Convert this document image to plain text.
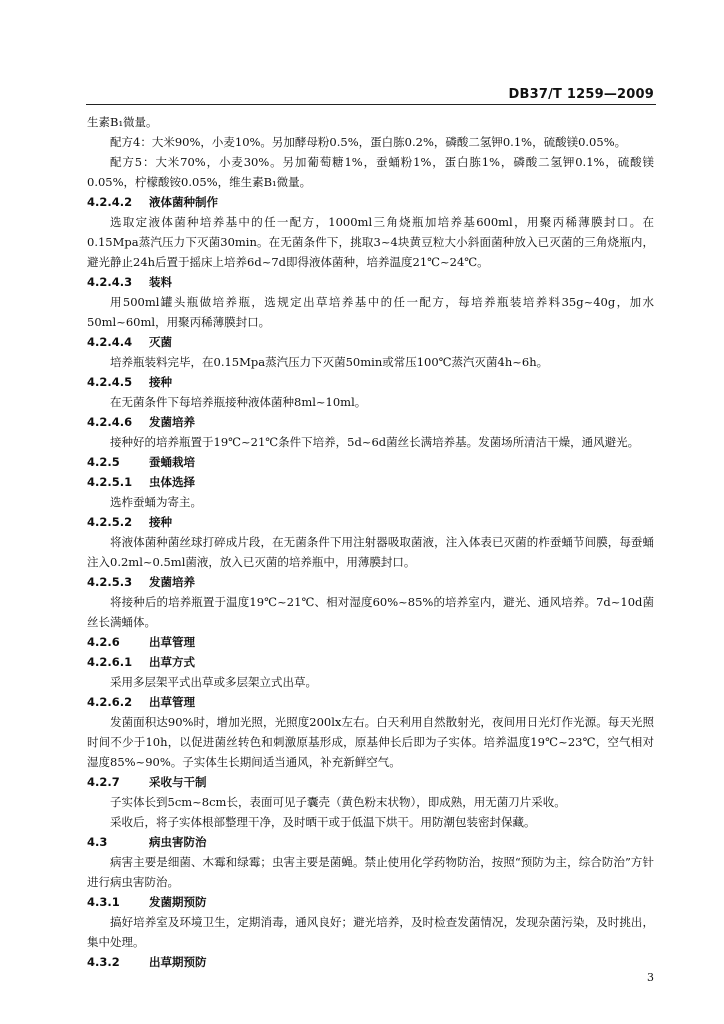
DB37/T 1259—2009

生素B₁微量。

配方4：大米90%，小麦10%。另加酵母粉0.5%，蛋白胨0.2%，磷酸二氢钾0.1%，硫酸镁0.05%。

配方5：大米70%，小麦30%。另加葡萄糖1%，蚕蛹粉1%，蛋白胨1%，磷酸二氢钾0.1%，硫酸镁0.05%，柠檬酸铵0.05%，维生素B₁微量。

4.2.4.2 液体菌种制作

选取定液体菌种培养基中的任一配方，1000ml三角烧瓶加培养基600ml，用聚丙稀薄膜封口。在0.15Mpa蒸汽压力下灭菌30min。在无菌条件下，挑取3~4块黄豆粒大小斜面菌种放入已灭菌的三角烧瓶内，避光静止24h后置于摇床上培养6d~7d即得液体菌种，培养温度21℃~24℃。

4.2.4.3 装料

用500ml罐头瓶做培养瓶，选规定出草培养基中的任一配方，每培养瓶装培养料35g~40g，加水50ml~60ml，用聚丙稀薄膜封口。

4.2.4.4 灭菌

培养瓶装料完毕，在0.15Mpa蒸汽压力下灭菌50min或常压100℃蒸汽灭菌4h~6h。

4.2.4.5 接种

在无菌条件下每培养瓶接种液体菌种8ml~10ml。

4.2.4.6 发菌培养

接种好的培养瓶置于19℃~21℃条件下培养，5d~6d菌丝长满培养基。发菌场所清洁干燥，通风避光。

4.2.5	蚕蛹栽培
4.2.5.1 虫体选择

选柞蚕蛹为寄主。

4.2.5.2 接种

将液体菌种菌丝球打碎成片段，在无菌条件下用注射器吸取菌液，注入体表已灭菌的柞蚕蛹节间膜，每蚕蛹注入0.2ml~0.5ml菌液，放入已灭菌的培养瓶中，用薄膜封口。

4.2.5.3 发菌培养

将接种后的培养瓶置于温度19℃~21℃、相对湿度60%~85%的培养室内，避光、通风培养。7d~10d菌丝长满蛹体。

4.2.6	出草管理
4.2.6.1 出草方式

采用多层架平式出草或多层架立式出草。

4.2.6.2 出草管理

发菌面积达90%时，增加光照，光照度200lx左右。白天利用自然散射光，夜间用日光灯作光源。每天光照时间不少于10h，以促进菌丝转色和刺激原基形成，原基伸长后即为子实体。培养温度19℃~23℃，空气相对湿度85%~90%。子实体生长期间适当通风，补充新鲜空气。

4.2.7	采收与干制

子实体长到5cm~8cm长，表面可见子囊壳（黄色粉末状物），即成熟，用无菌刀片采收。

采收后，将子实体根部整理干净，及时晒干或于低温下烘干。用防潮包装密封保藏。

4.3	病虫害防治

病害主要是细菌、木霉和绿霉；虫害主要是菌蝇。禁止使用化学药物防治，按照“预防为主，综合防治”方针进行病虫害防治。

4.3.1	发菌期预防

搞好培养室及环境卫生，定期消毒，通风良好；避光培养，及时检查发菌情况，发现杂菌污染，及时挑出，集中处理。

4.3.2	出草期预防
3
